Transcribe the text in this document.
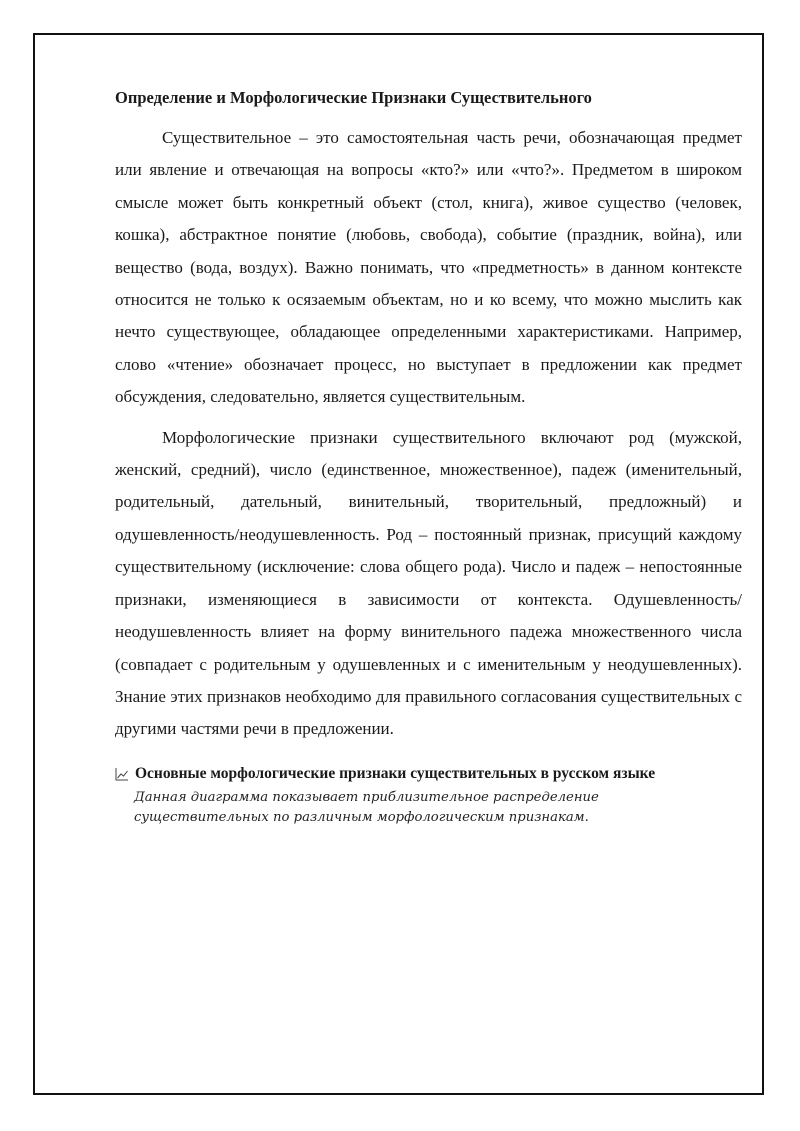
Определение и Морфологические Признаки Существительного

Существительное – это самостоятельная часть речи, обозначающая предмет или явление и отвечающая на вопросы «кто?» или «что?». Предметом в широком смысле может быть конкретный объект (стол, книга), живое существо (человек, кошка), абстрактное понятие (любовь, свобода), событие (праздник, война), или вещество (вода, воздух). Важно понимать, что «предметность» в данном контексте относится не только к осязаемым объектам, но и ко всему, что можно мыслить как нечто существующее, обладающее определенными характеристиками. Например, слово «чтение» обозначает процесс, но выступает в предложении как предмет обсуждения, следовательно, является существительным.

Морфологические признаки существительного включают род (мужской, женский, средний), число (единственное, множественное), падеж (именительный, родительный, дательный, винительный, творительный, предложный) и одушевленность/неодушевленность. Род – постоянный признак, присущий каждому существительному (исключение: слова общего рода). Число и падеж – непостоянные признаки, изменяющиеся в зависимости от контекста. Одушевленность/неодушевленность влияет на форму винительного падежа множественного числа (совпадает с родительным у одушевленных и с именительным у неодушевленных). Знание этих признаков необходимо для правильного согласования существительных с другими частями речи в предложении.

Основные морфологические признаки существительных в русском языке
Данная диаграмма показывает приблизительное распределение существительных по различным морфологическим признакам.
